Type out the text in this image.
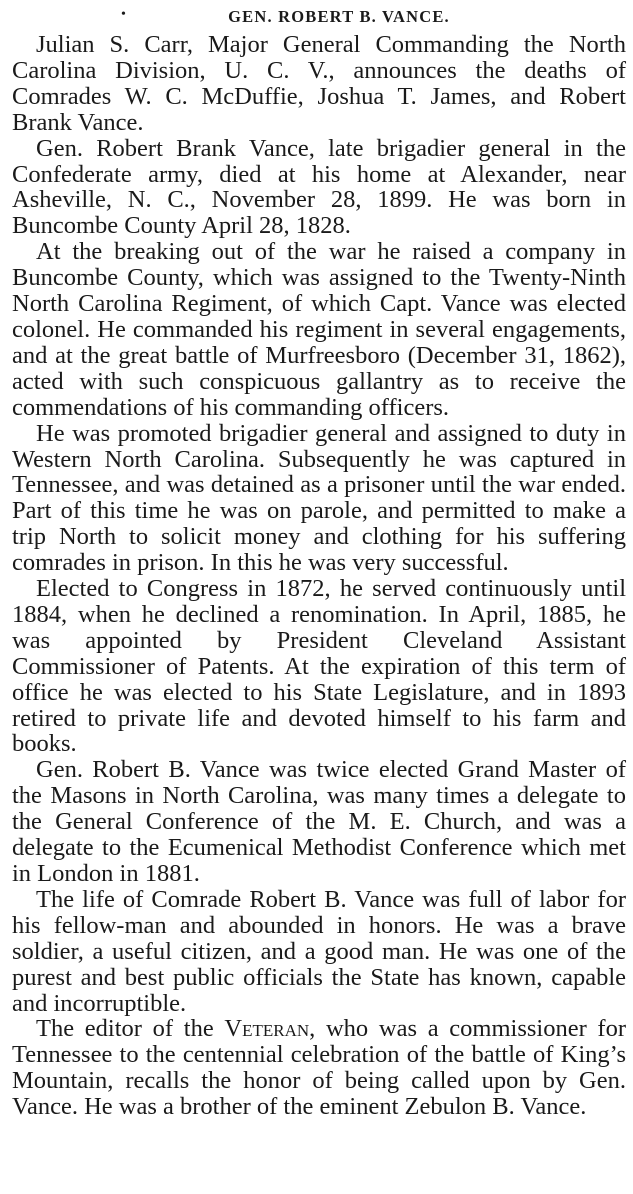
•	GEN. ROBERT B. VANCE.

Julian S. Carr, Major General Commanding the North Carolina Division, U. C. V., announces the deaths of Comrades W. C. McDuffie, Joshua T. James, and Robert Brank Vance.

Gen. Robert Brank Vance, late brigadier general in the Confederate army, died at his home at Alexander, near Asheville, N. C., November 28, 1899. He was born in Buncombe County April 28, 1828.

At the breaking out of the war he raised a company in Buncombe County, which was assigned to the Twenty-Ninth North Carolina Regiment, of which Capt. Vance was elected colonel. He commanded his regiment in several engagements, and at the great battle of Murfreesboro (December 31, 1862), acted with such conspicuous gallantry as to receive the commendations of his commanding officers.

He was promoted brigadier general and assigned to duty in Western North Carolina. Subsequently he was captured in Tennessee, and was detained as a prisoner until the war ended. Part of this time he was on parole, and permitted to make a trip North to solicit money and clothing for his suffering comrades in prison. In this he was very successful.

Elected to Congress in 1872, he served continuously until 1884, when he declined a renomination. In April, 1885, he was appointed by President Cleveland Assistant Commissioner of Patents. At the expiration of this term of office he was elected to his State Legislature, and in 1893 retired to private life and devoted himself to his farm and books.

Gen. Robert B. Vance was twice elected Grand Master of the Masons in North Carolina, was many times a delegate to the General Conference of the M. E. Church, and was a delegate to the Ecumenical Methodist Conference which met in London in 1881.

The life of Comrade Robert B. Vance was full of labor for his fellow-man and abounded in honors. He was a brave soldier, a useful citizen, and a good man. He was one of the purest and best public officials the State has known, capable and incorruptible.

The editor of the Veteran, who was a commissioner for Tennessee to the centennial celebration of the battle of King’s Mountain, recalls the honor of being called upon by Gen. Vance. He was a brother of the eminent Zebulon B. Vance.
